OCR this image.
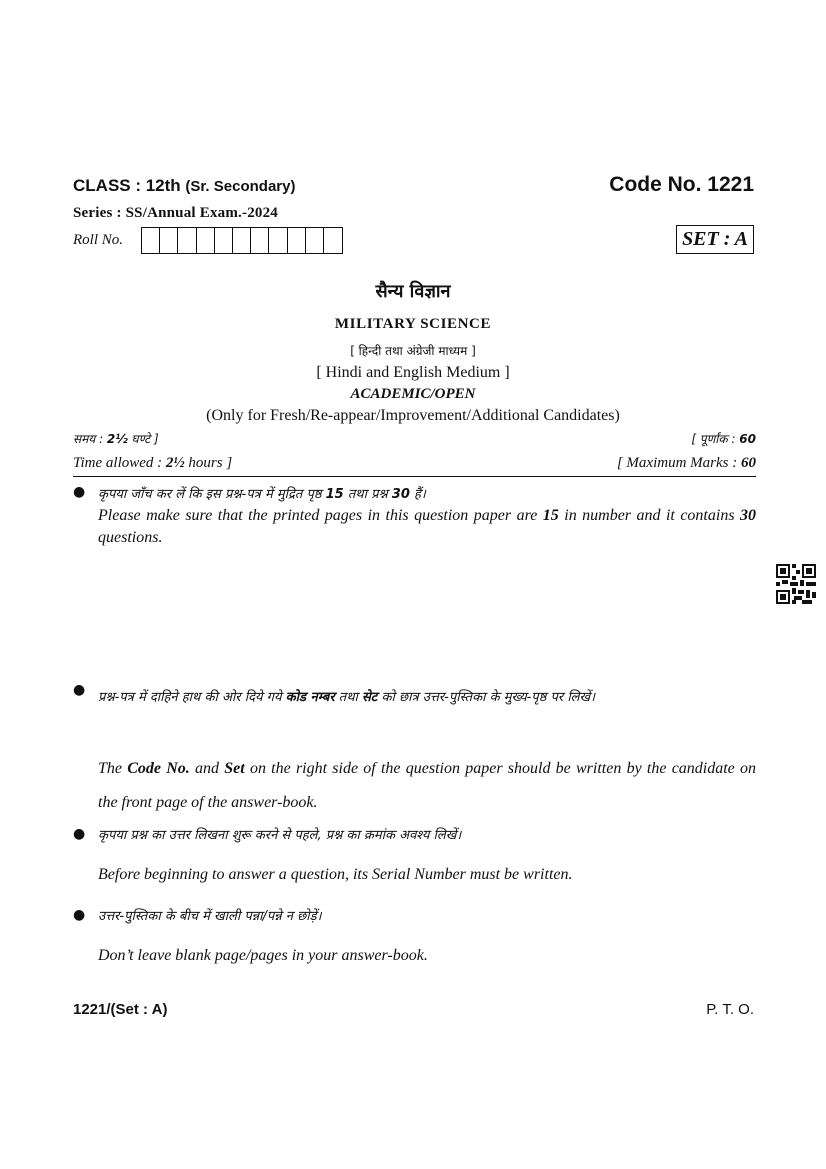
CLASS : 12th (Sr. Secondary)	Code No. 1221
Series : SS/Annual Exam.-2024
Roll No.	SET : A
सैन्य विज्ञान
MILITARY SCIENCE
[ हिन्दी तथा अंग्रेजी माध्यम ]
[ Hindi and English Medium ]
ACADEMIC/OPEN
(Only for Fresh/Re-appear/Improvement/Additional Candidates)
समय : 2½ घण्टे ]	[ पूर्णांक : 60
Time allowed : 2½ hours ]	[ Maximum Marks : 60
● कृपया जाँच कर लें कि इस प्रश्न-पत्र में मुद्रित पृष्ठ 15 तथा प्रश्न 30 हैं।
Please make sure that the printed pages in this question paper are 15 in number and it contains 30 questions.
● प्रश्न-पत्र में दाहिने हाथ की ओर दिये गये कोड नम्बर तथा सेट को छात्र उत्तर-पुस्तिका के मुख्य-पृष्ठ पर लिखें।
The Code No. and Set on the right side of the question paper should be written by the candidate on the front page of the answer-book.
● कृपया प्रश्न का उत्तर लिखना शुरू करने से पहले, प्रश्न का क्रमांक अवश्य लिखें।
Before beginning to answer a question, its Serial Number must be written.
● उत्तर-पुस्तिका के बीच में खाली पन्ना/पन्ने न छोड़ें।
Don’t leave blank page/pages in your answer-book.
1221/(Set : A)	P. T. O.
